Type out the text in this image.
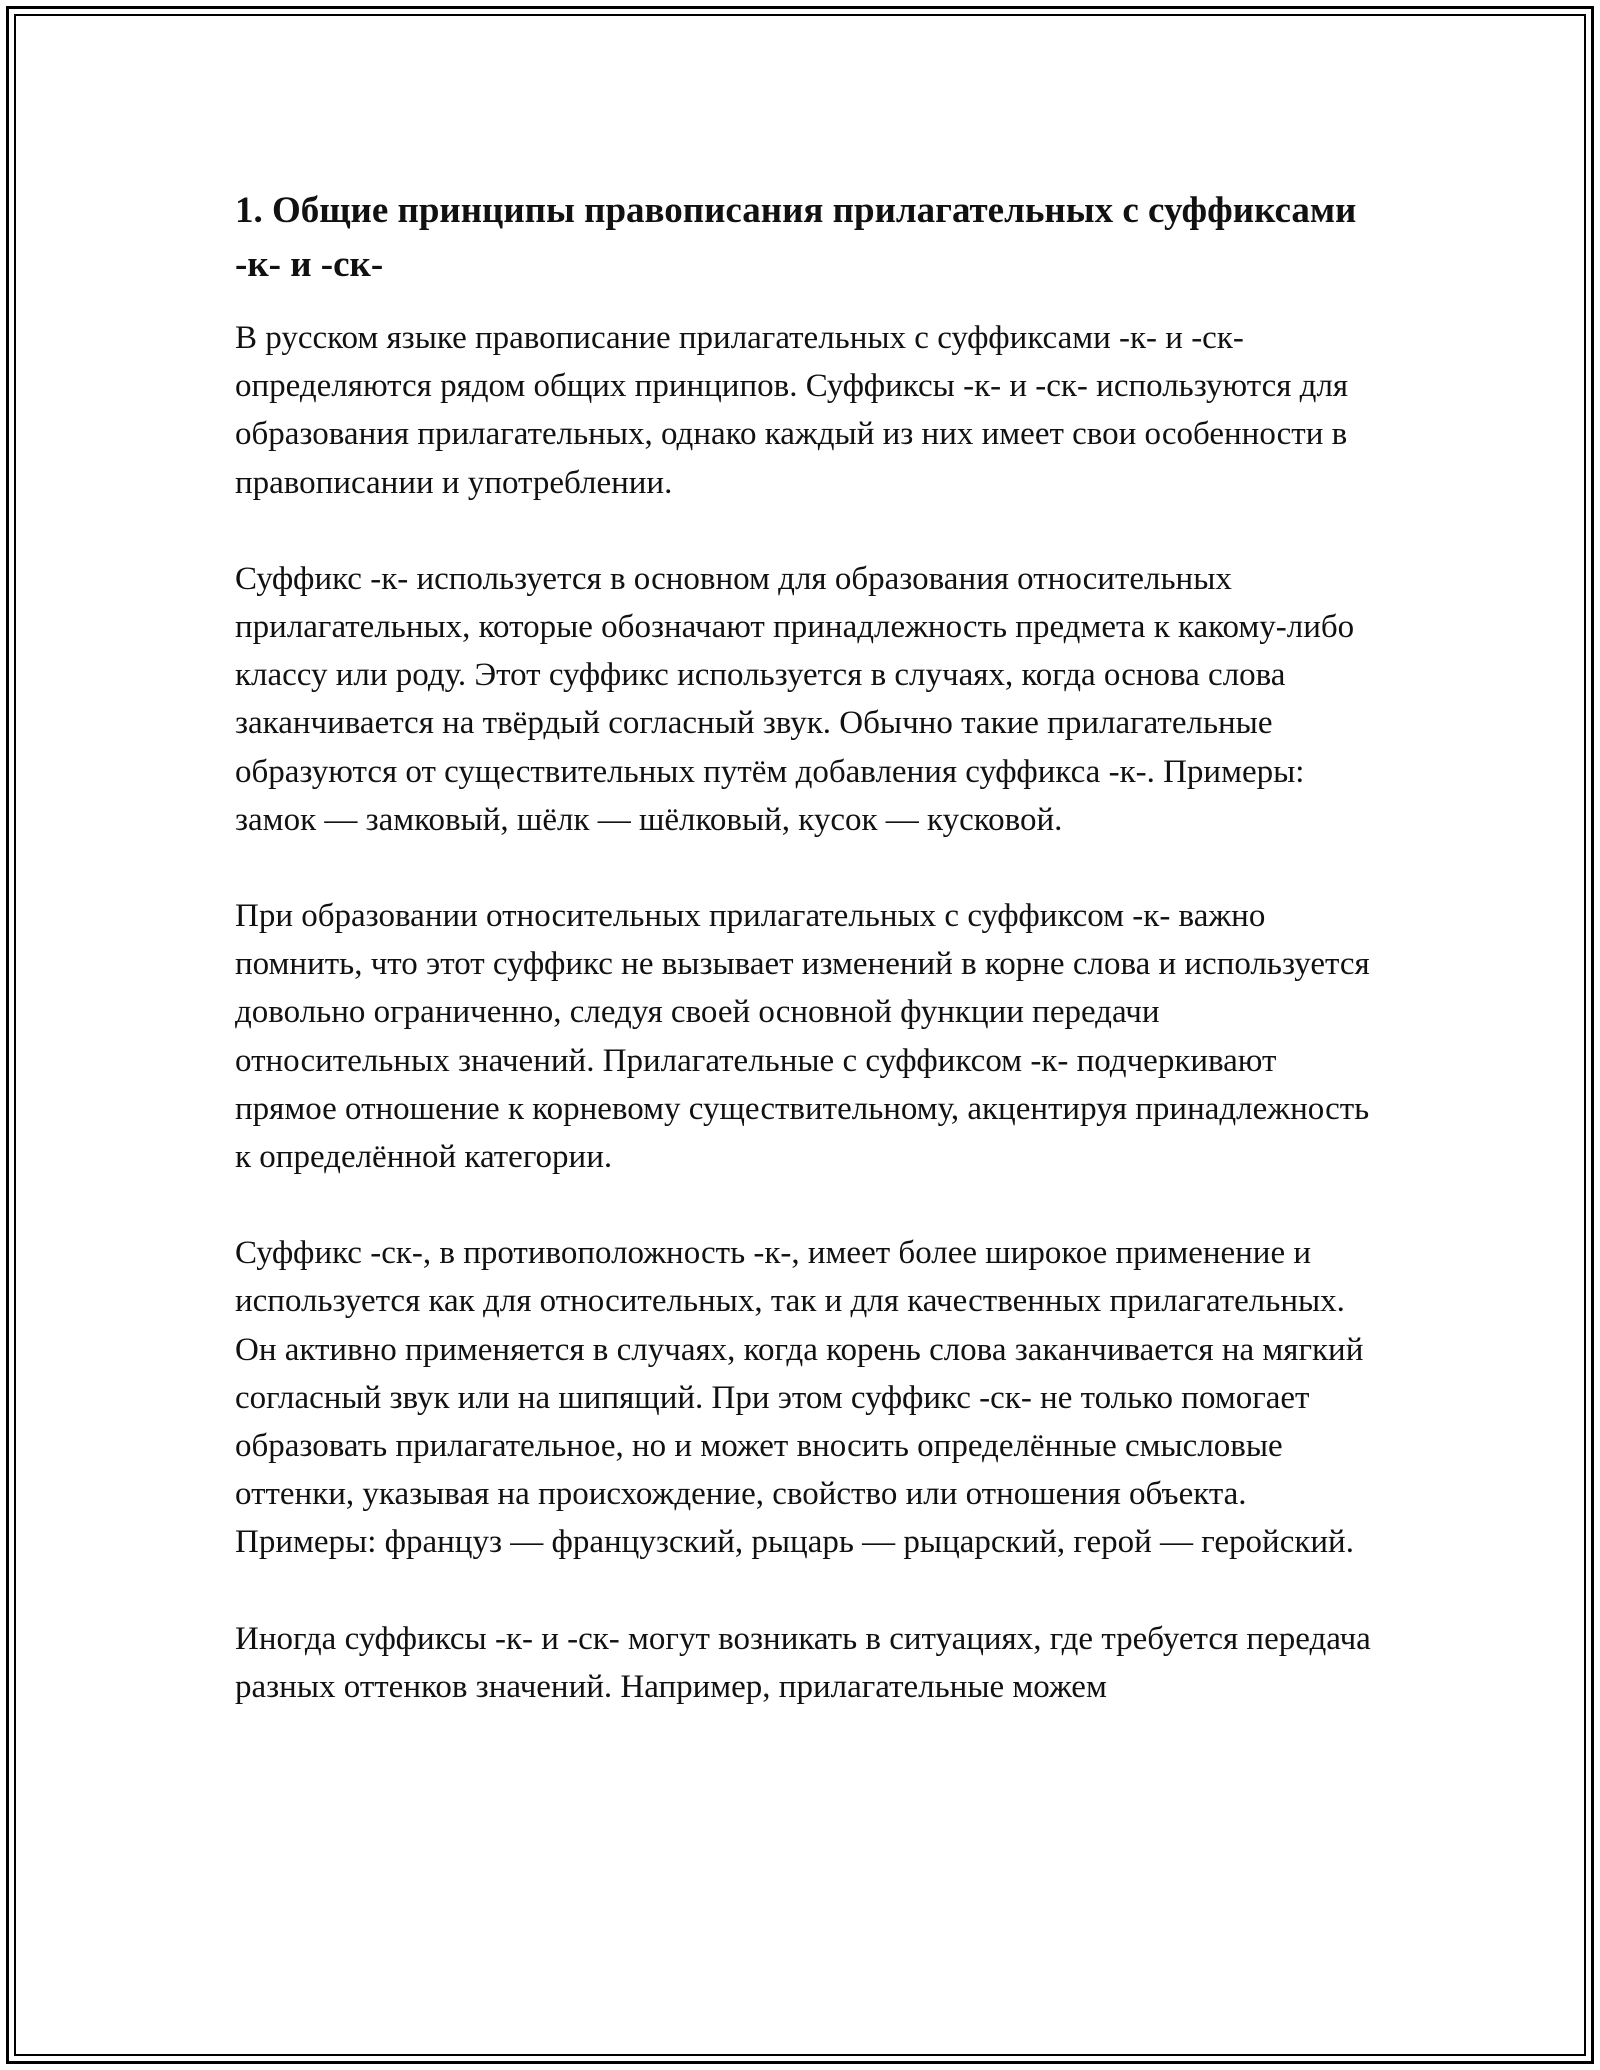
1. Общие принципы правописания прилагательных с суффиксами -к- и -ск-

В русском языке правописание прилагательных с суффиксами -к- и -ск- определяются рядом общих принципов. Суффиксы -к- и -ск- используются для образования прилагательных, однако каждый из них имеет свои особенности в правописании и употреблении.

Суффикс -к- используется в основном для образования относительных прилагательных, которые обозначают принадлежность предмета к какому-либо классу или роду. Этот суффикс используется в случаях, когда основа слова заканчивается на твёрдый согласный звук. Обычно такие прилагательные образуются от существительных путём добавления суффикса -к-. Примеры: замок — замковый, шёлк — шёлковый, кусок — кусковой.

При образовании относительных прилагательных с суффиксом -к- важно помнить, что этот суффикс не вызывает изменений в корне слова и используется довольно ограниченно, следуя своей основной функции передачи относительных значений. Прилагательные с суффиксом -к- подчеркивают прямое отношение к корневому существительному, акцентируя принадлежность к определённой категории.

Суффикс -ск-, в противоположность -к-, имеет более широкое применение и используется как для относительных, так и для качественных прилагательных. Он активно применяется в случаях, когда корень слова заканчивается на мягкий согласный звук или на шипящий. При этом суффикс -ск- не только помогает образовать прилагательное, но и может вносить определённые смысловые оттенки, указывая на происхождение, свойство или отношения объекта. Примеры: француз — французский, рыцарь — рыцарский, герой — геройский.

Иногда суффиксы -к- и -ск- могут возникать в ситуациях, где требуется передача разных оттенков значений. Например, прилагательные можем
